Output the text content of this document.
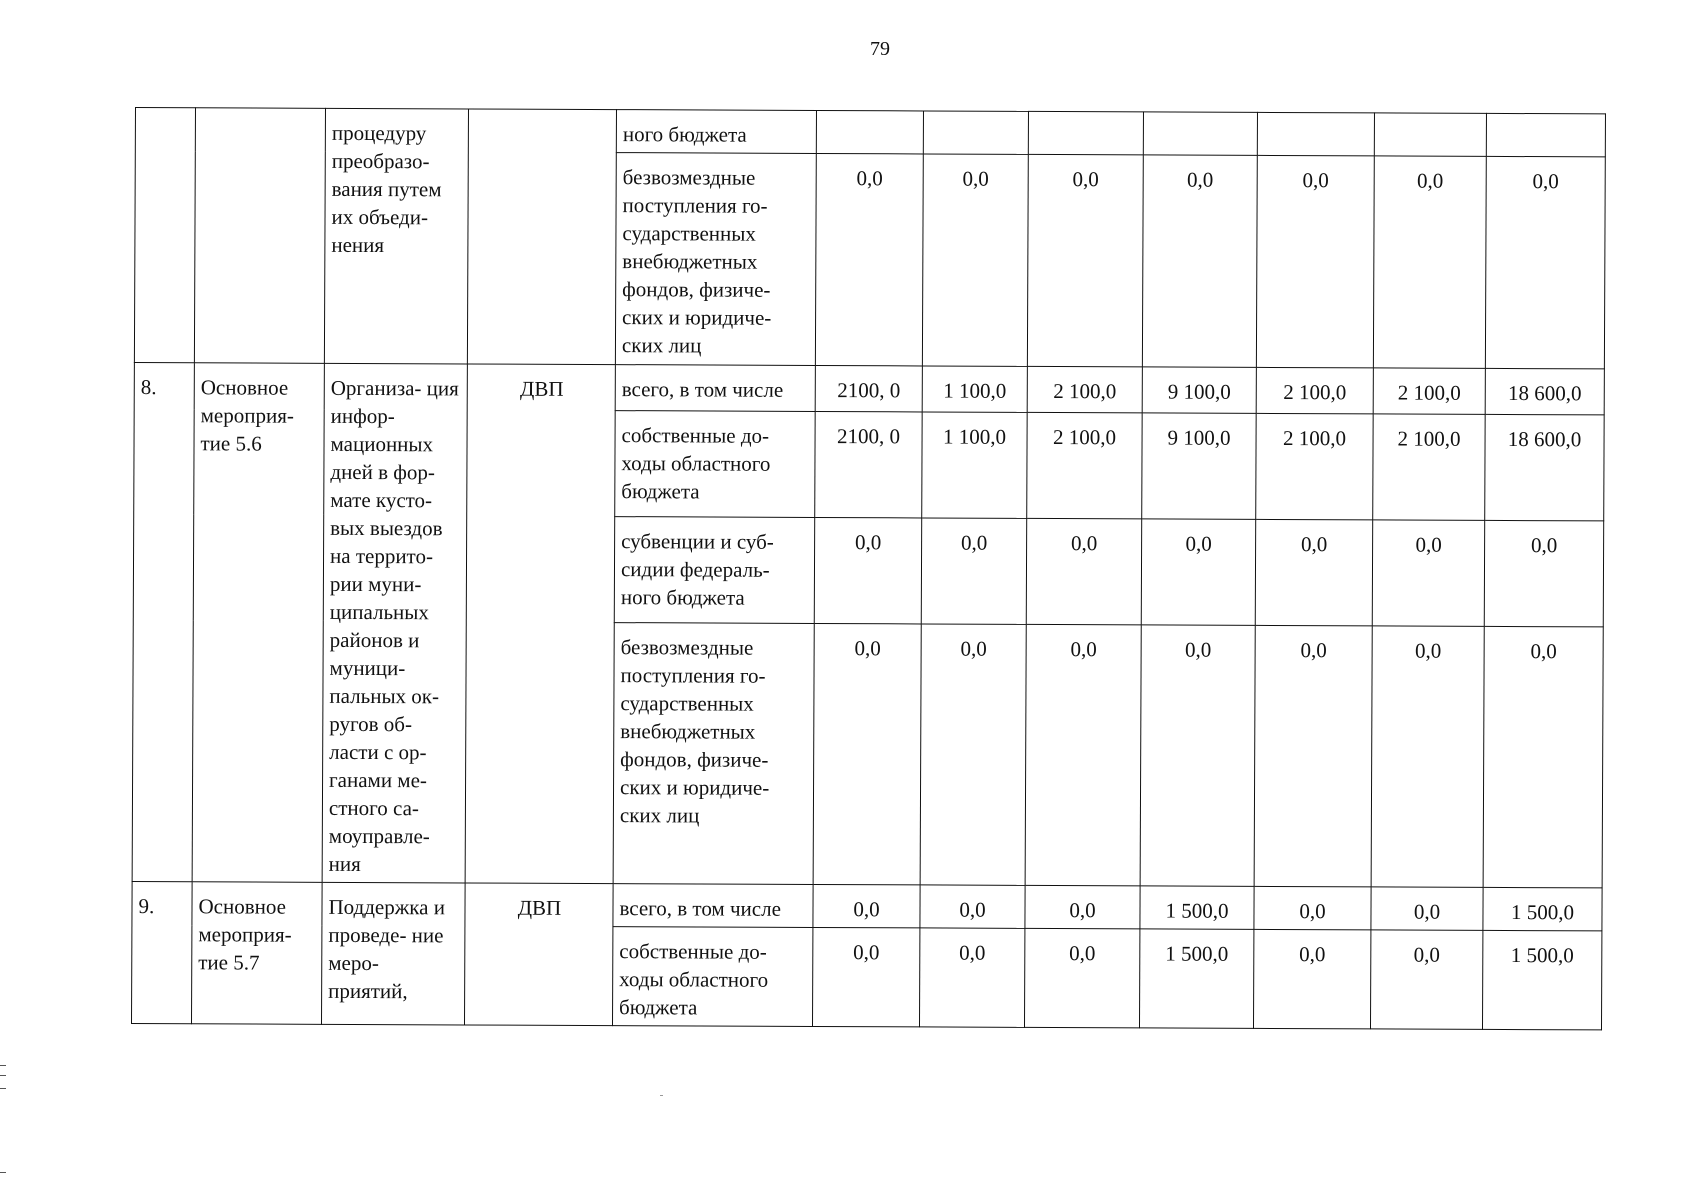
79
		процедуру преобразо- вания путем их объеди- нения		ного бюджета							
				безвозмездные поступления го- сударственных внебюджетных фондов, физиче- ских и юридиче- ских лиц	0,0	0,0	0,0	0,0	0,0	0,0	0,0
8.	Основное мероприя- тие 5.6	Организа- ция инфор- мационных дней в фор- мате кусто- вых выездов на террито- рии муни- ципальных районов и муници- пальных ок- ругов об- ласти с ор- ганами ме- стного са- моуправле- ния	ДВП	всего, в том числе	2100, 0	1 100,0	2 100,0	9 100,0	2 100,0	2 100,0	18 600,0
				собственные до- ходы областного бюджета	2100, 0	1 100,0	2 100,0	9 100,0	2 100,0	2 100,0	18 600,0
				субвенции и суб- сидии федераль- ного бюджета	0,0	0,0	0,0	0,0	0,0	0,0	0,0
				безвозмездные поступления го- сударственных внебюджетных фондов, физиче- ских и юридиче- ских лиц	0,0	0,0	0,0	0,0	0,0	0,0	0,0
9.	Основное мероприя- тие 5.7	Поддержка и проведе- ние меро- приятий,	ДВП	всего, в том числе	0,0	0,0	0,0	1 500,0	0,0	0,0	1 500,0
				собственные до- ходы областного бюджета	0,0	0,0	0,0	1 500,0	0,0	0,0	1 500,0
